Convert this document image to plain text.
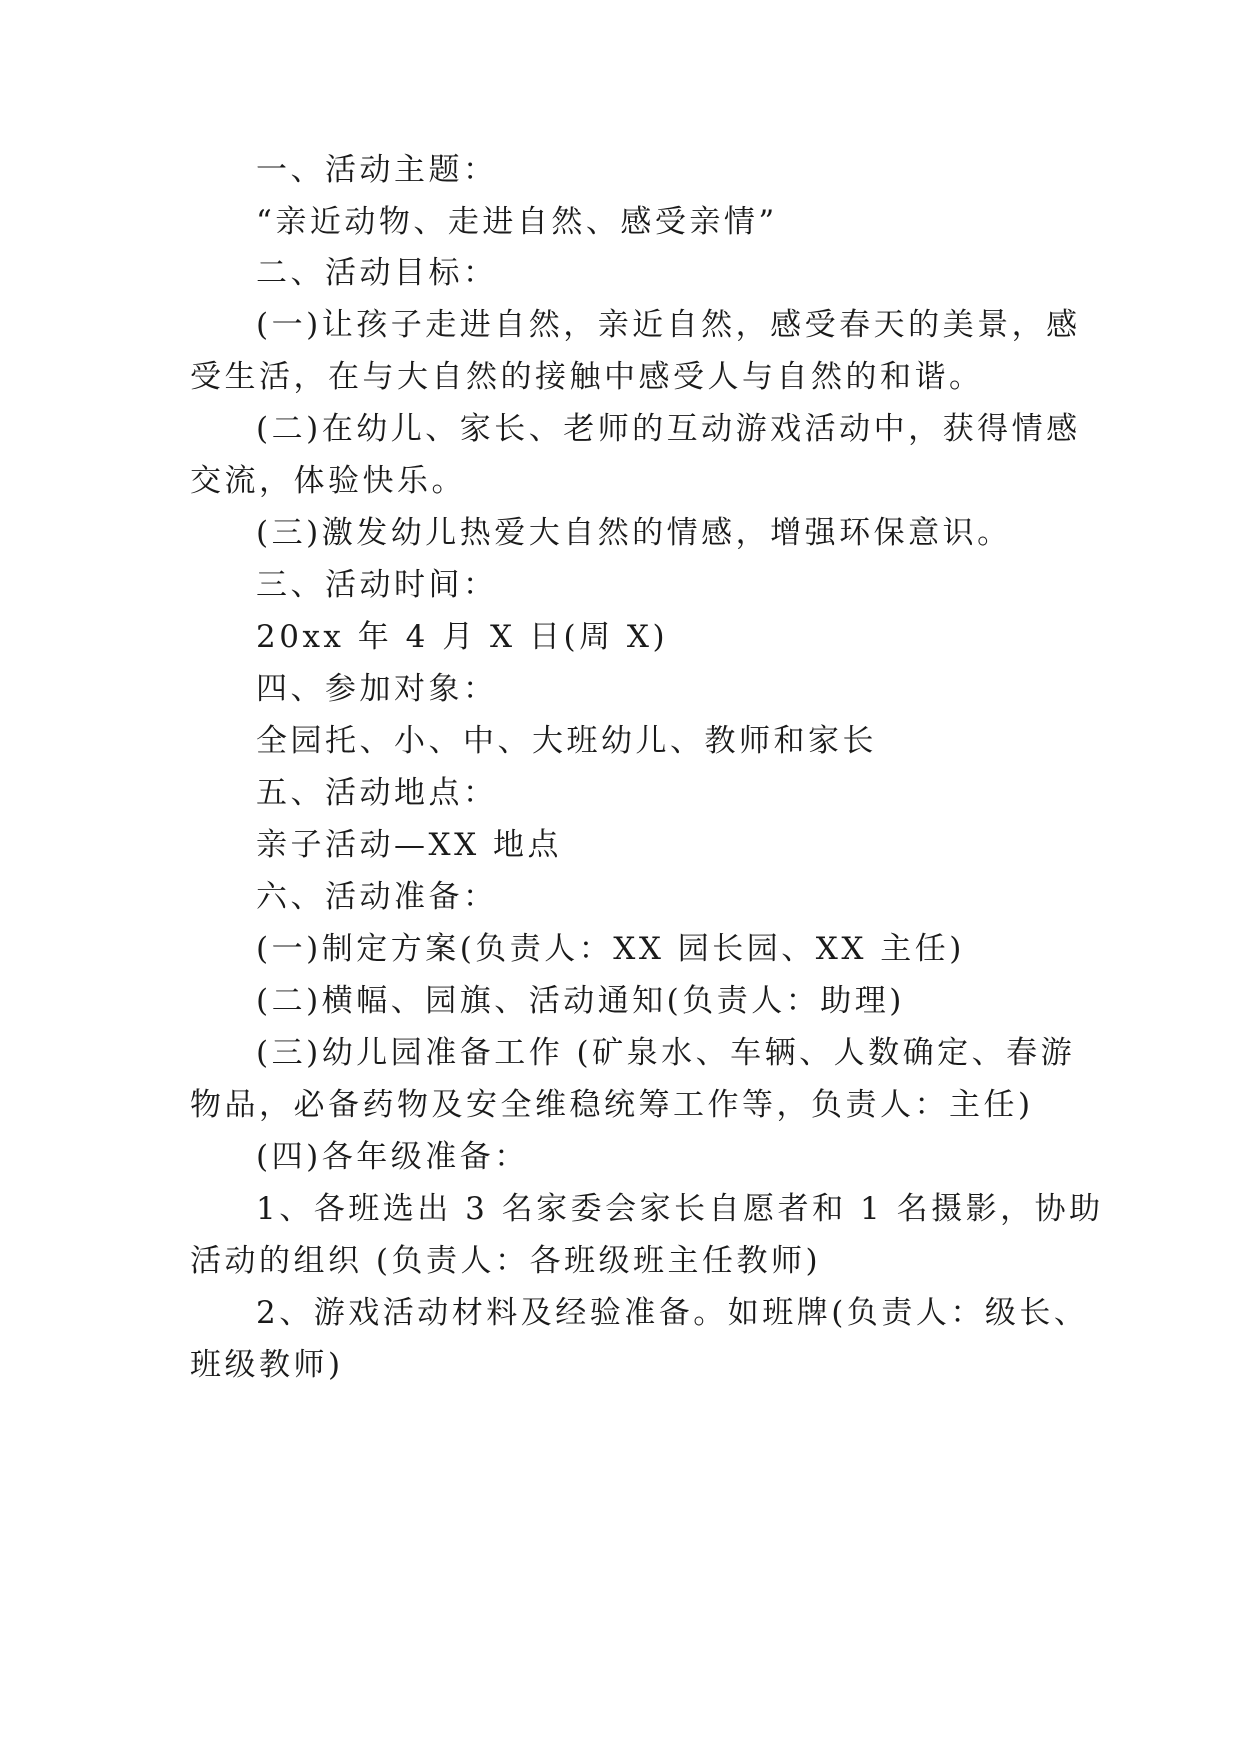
一、活动主题：
“亲近动物、走进自然、感受亲情”
二、活动目标：
(一)让孩子走进自然，亲近自然，感受春天的美景，感
受生活，在与大自然的接触中感受人与自然的和谐。
(二)在幼儿、家长、老师的互动游戏活动中，获得情感
交流，体验快乐。
(三)激发幼儿热爱大自然的情感，增强环保意识。
三、活动时间：
20xx 年 4 月 X 日(周 X)
四、参加对象：
全园托、小、中、大班幼儿、教师和家长
五、活动地点：
亲子活动—XX 地点
六、活动准备：
(一)制定方案(负责人：XX 园长园、XX 主任)
(二)横幅、园旗、活动通知(负责人：助理)
(三)幼儿园准备工作 (矿泉水、车辆、人数确定、春游
物品，必备药物及安全维稳统筹工作等，负责人：主任)
(四)各年级准备：
1、各班选出 3 名家委会家长自愿者和 1 名摄影，协助
活动的组织 (负责人：各班级班主任教师)
2、游戏活动材料及经验准备。如班牌(负责人：级长、
班级教师)
